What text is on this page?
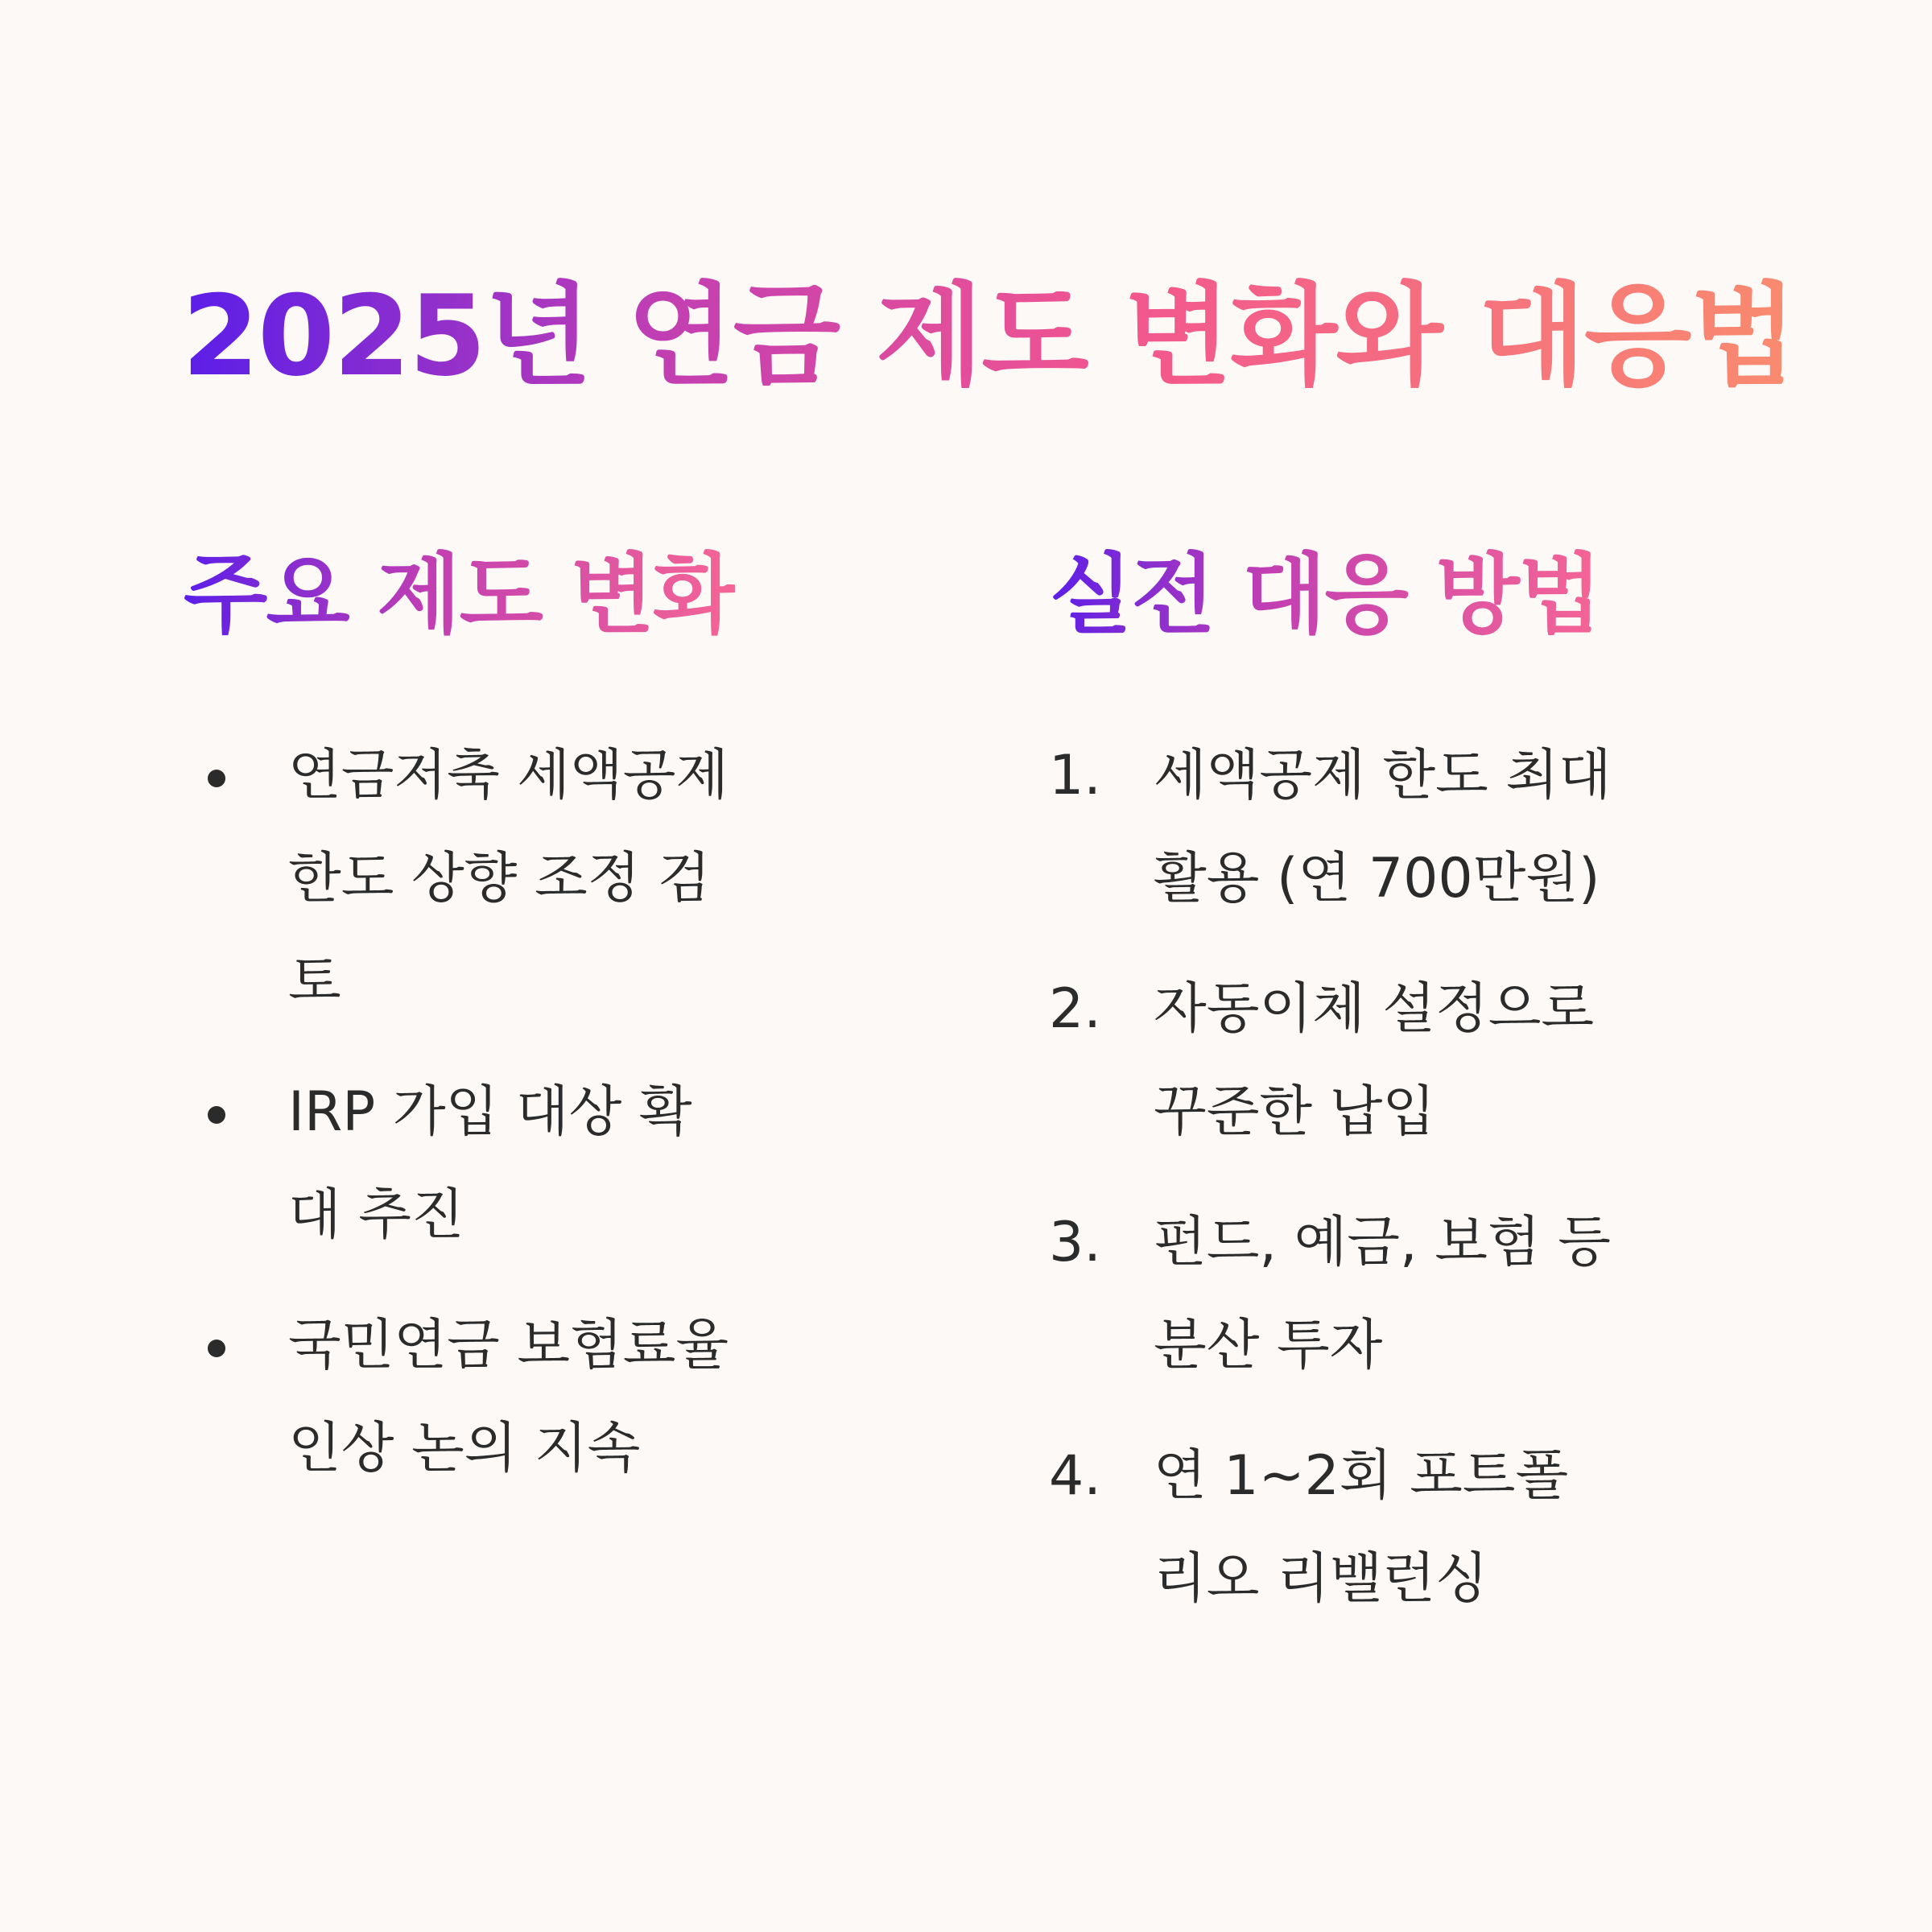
2025년 연금 제도 변화와 대응법
주요 제도 변화
연금저축 세액공제 한도 상향 조정 검토
IRP 가입 대상 확대 추진
국민연금 보험료율 인상 논의 지속
실전 대응 방법
1. 세액공제 한도 최대 활용 (연 700만원)
2. 자동이체 설정으로 꾸준한 납입
3. 펀드, 예금, 보험 등 분산 투자
4. 연 1~2회 포트폴리오 리밸런싱
